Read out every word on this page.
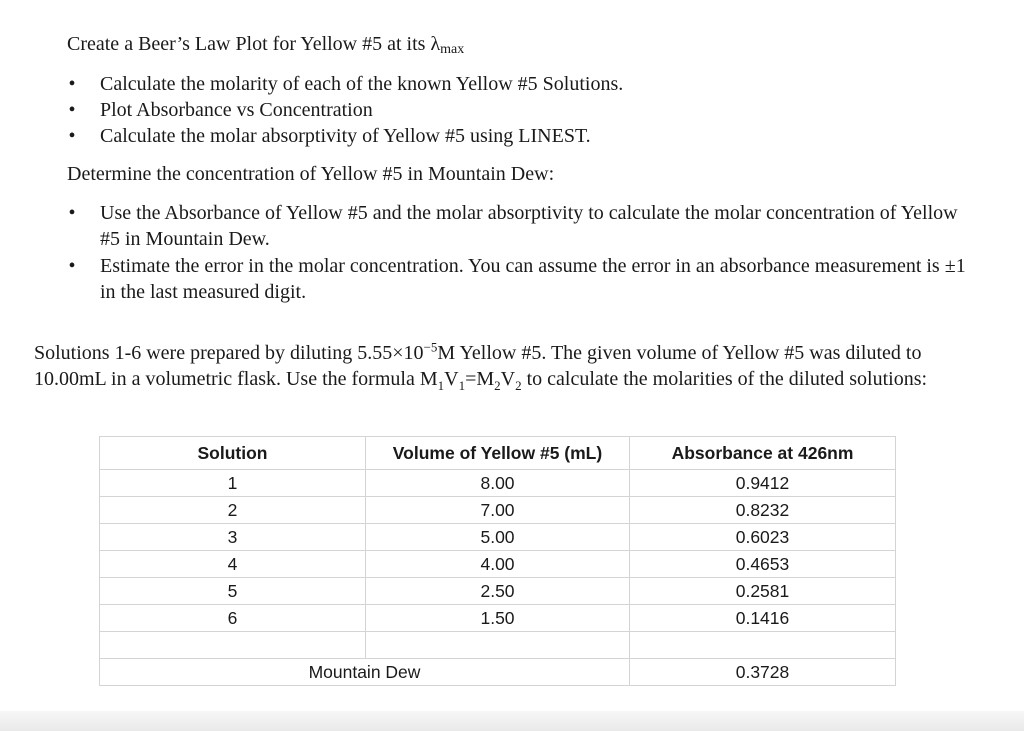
Create a Beer’s Law Plot for Yellow #5 at its $\lambda_{max}$
• Calculate the molarity of each of the known Yellow #5 Solutions.
• Plot Absorbance vs Concentration
• Calculate the molar absorptivity of Yellow #5 using LINEST.
Determine the concentration of Yellow #5 in Mountain Dew:
• Use the Absorbance of Yellow #5 and the molar absorptivity to calculate the molar concentration of Yellow #5 in Mountain Dew.
• Estimate the error in the molar concentration. You can assume the error in an absorbance measurement is ±1 in the last measured digit.
Solutions 1-6 were prepared by diluting $5.55\times 10^{-5}M$ Yellow #5. The given volume of Yellow #5 was diluted to 10.00mL in a volumetric flask. Use the formula $M_1V_1=M_2V_2$ to calculate the molarities of the diluted solutions:
Solution	Volume of Yellow #5 (mL)	Absorbance at 426nm
1	8.00	0.9412
2	7.00	0.8232
3	5.00	0.6023
4	4.00	0.4653
5	2.50	0.2581
6	1.50	0.1416

Mountain Dew		0.3728
